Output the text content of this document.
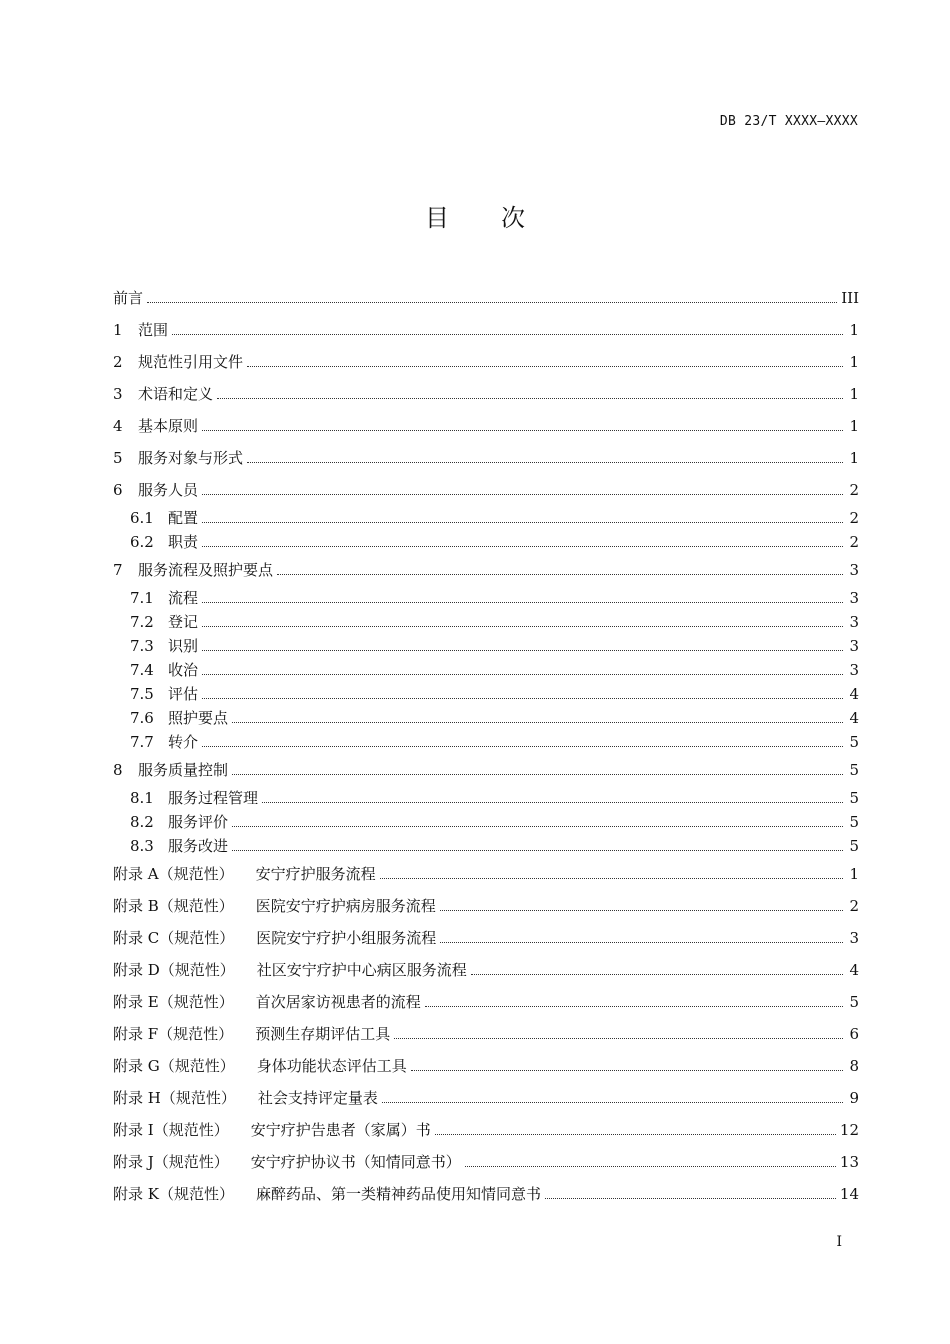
DB 23/T XXXX—XXXX
目 次
前言	III
1 范围	1
2 规范性引用文件	1
3 术语和定义	1
4 基本原则	1
5 服务对象与形式	1
6 服务人员	2
6.1 配置	2
6.2 职责	2
7 服务流程及照护要点	3
7.1 流程	3
7.2 登记	3
7.3 识别	3
7.4 收治	3
7.5 评估	4
7.6 照护要点	4
7.7 转介	5
8 服务质量控制	5
8.1 服务过程管理	5
8.2 服务评价	5
8.3 服务改进	5
附录 A（规范性） 安宁疗护服务流程	1
附录 B（规范性） 医院安宁疗护病房服务流程	2
附录 C（规范性） 医院安宁疗护小组服务流程	3
附录 D（规范性） 社区安宁疗护中心病区服务流程	4
附录 E（规范性） 首次居家访视患者的流程	5
附录 F（规范性） 预测生存期评估工具	6
附录 G（规范性） 身体功能状态评估工具	8
附录 H（规范性） 社会支持评定量表	9
附录 I（规范性） 安宁疗护告患者（家属）书	12
附录 J（规范性） 安宁疗护协议书（知情同意书）	13
附录 K（规范性） 麻醉药品、第一类精神药品使用知情同意书	14
I
